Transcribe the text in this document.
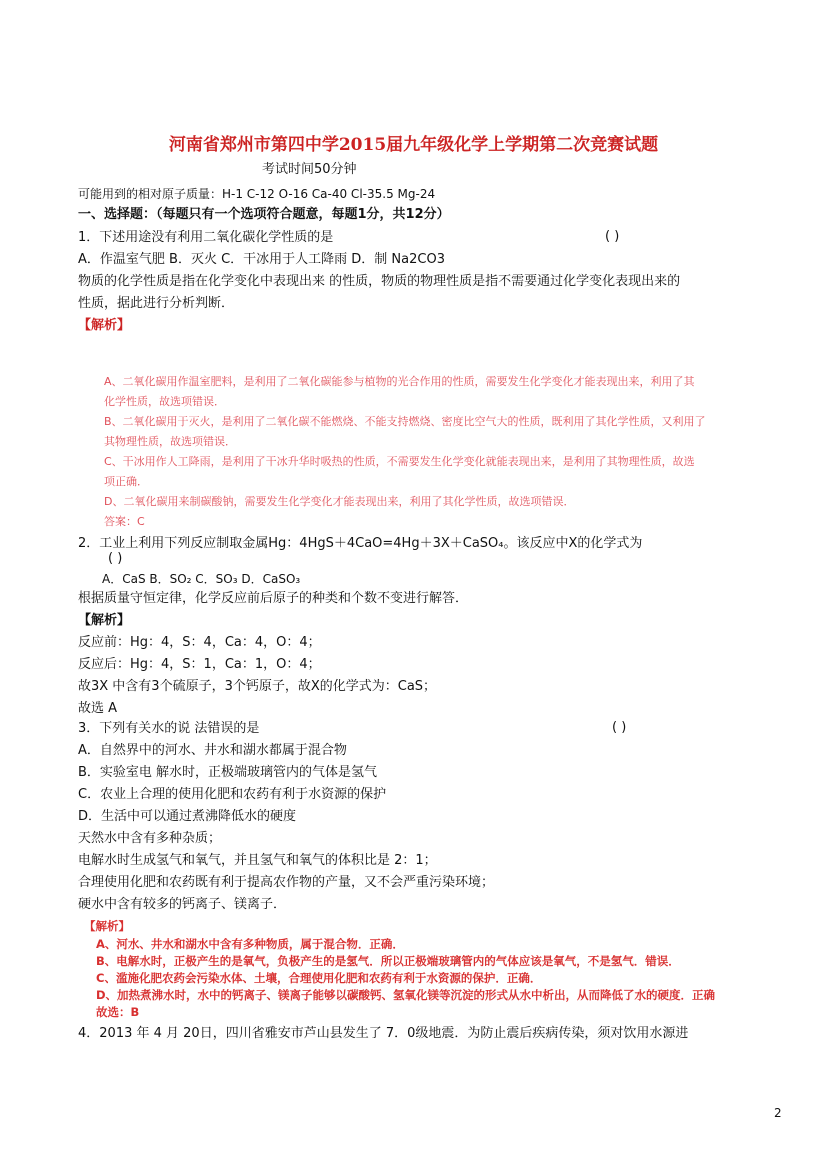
河南省郑州市第四中学2015届九年级化学上学期第二次竞赛试题
考试时间50分钟
可能用到的相对原子质量：H-1 C-12 O-16 Ca-40 Cl-35.5 Mg-24
一、选择题：（每题只有一个选项符合题意，每题1分，共12分）
1．下述用途没有利用二氧化碳化学性质的是	( )
A．作温室气肥 B．灭火 C．干冰用于人工降雨 D．制 Na2CO3
物质的化学性质是指在化学变化中表现出来 的性质，物质的物理性质是指不需要通过化学变化表现出来的
性质，据此进行分析判断．
【解析】
A、二氧化碳用作温室肥料，是利用了二氧化碳能参与植物的光合作用的性质，需要发生化学变化才能表现出来，利用了其
化学性质，故选项错误．
B、二氧化碳用于灭火，是利用了二氧化碳不能燃烧、不能支持燃烧、密度比空气大的性质，既利用了其化学性质，又利用了
其物理性质，故选项错误．
C、干冰用作人工降雨，是利用了干冰升华时吸热的性质，不需要发生化学变化就能表现出来，是利用了其物理性质，故选
项正确．
D、二氧化碳用来制碳酸钠，需要发生化学变化才能表现出来，利用了其化学性质，故选项错误．
答案：C
2．工业上利用下列反应制取金属Hg：4HgS＋4CaO=4Hg＋3X＋CaSO₄。该反应中X的化学式为
( )
A．CaS B．SO₂ C．SO₃ D．CaSO₃
根据质量守恒定律，化学反应前后原子的种类和个数不变进行解答．
【解析】
反应前：Hg：4，S：4，Ca：4，O：4；
反应后：Hg：4，S：1，Ca：1，O：4；
故3X 中含有3个硫原子，3个钙原子，故X的化学式为：CaS；
故选 A
3．下列有关水的说 法错误的是	( )
A．自然界中的河水、井水和湖水都属于混合物
B．实验室电 解水时，正极端玻璃管内的气体是氢气
C．农业上合理的使用化肥和农药有利于水资源的保护
D．生活中可以通过煮沸降低水的硬度
天然水中含有多种杂质；
电解水时生成氢气和氧气，并且氢气和氧气的体积比是 2：1；
合理使用化肥和农药既有利于提高农作物的产量，又不会严重污染环境；
硬水中含有较多的钙离子、镁离子．
【解析】
A、河水、井水和湖水中含有多种物质，属于混合物．正确．
B、电解水时，正极产生的是氧气，负极产生的是氢气．所以正极端玻璃管内的气体应该是氧气，不是氢气．错误．
C、滥施化肥农药会污染水体、土壤，合理使用化肥和农药有利于水资源的保护．正确．
D、加热煮沸水时，水中的钙离子、镁离子能够以碳酸钙、氢氧化镁等沉淀的形式从水中析出，从而降低了水的硬度．正确
故选：B
4．2013 年 4 月 20日，四川省雅安市芦山县发生了 7．0级地震．为防止震后疾病传染，须对饮用水源进
2
